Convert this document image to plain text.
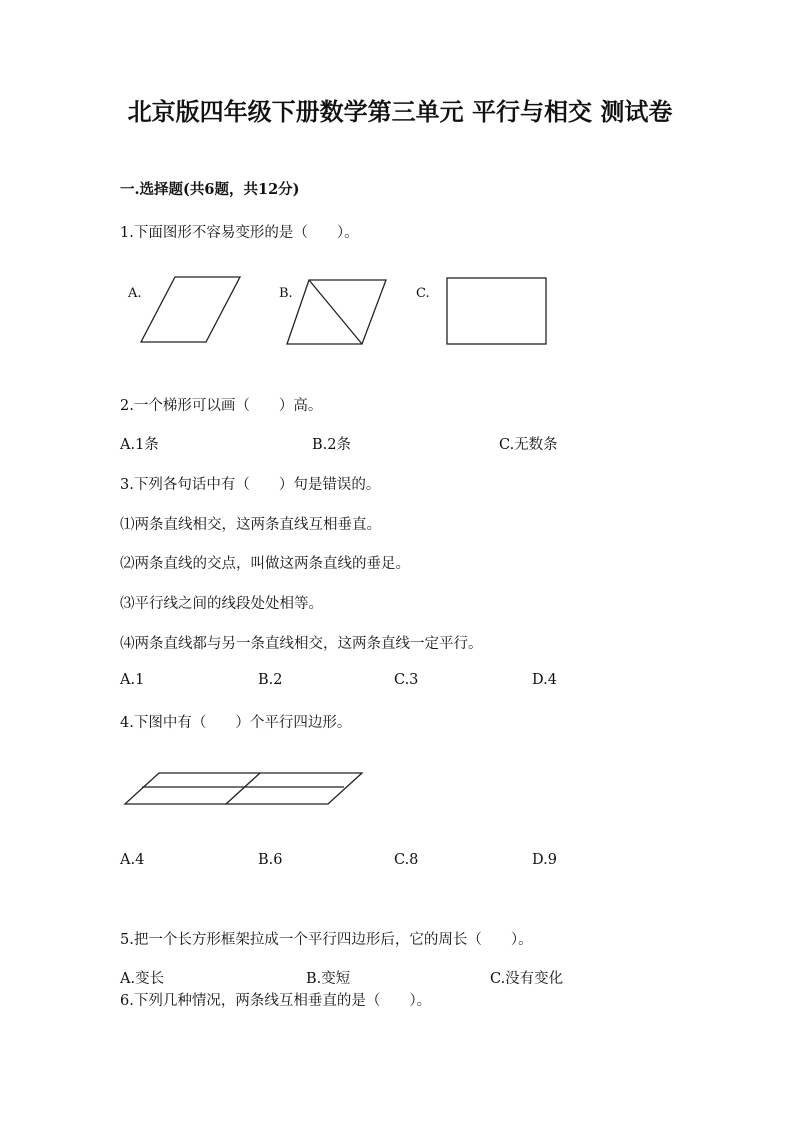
北京版四年级下册数学第三单元 平行与相交 测试卷
一.选择题(共6题，共12分)
1.下面图形不容易变形的是（　　）。
A.	B.	C.
2.一个梯形可以画（　　）高。
A.1条	B.2条	C.无数条
3.下列各句话中有（　　）句是错误的。
⑴两条直线相交，这两条直线互相垂直。
⑵两条直线的交点，叫做这两条直线的垂足。
⑶平行线之间的线段处处相等。
⑷两条直线都与另一条直线相交，这两条直线一定平行。
A.1	B.2	C.3	D.4
4.下图中有（　　）个平行四边形。
A.4	B.6	C.8	D.9
5.把一个长方形框架拉成一个平行四边形后，它的周长（　　）。
A.变长	B.变短	C.没有变化
6.下列几种情况，两条线互相垂直的是（　　）。
